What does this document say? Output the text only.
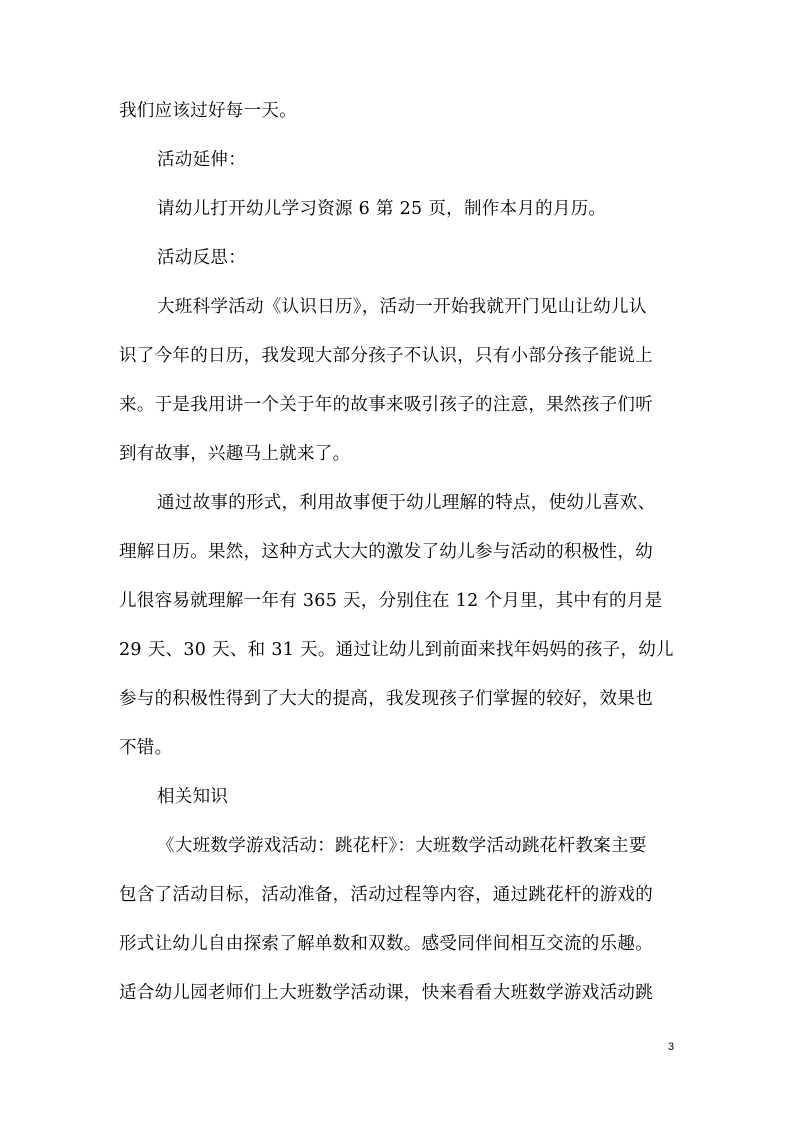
我们应该过好每一天。
活动延伸：
请幼儿打开幼儿学习资源 6 第 25 页，制作本月的月历。
活动反思：
大班科学活动《认识日历》，活动一开始我就开门见山让幼儿认
识了今年的日历，我发现大部分孩子不认识，只有小部分孩子能说上
来。于是我用讲一个关于年的故事来吸引孩子的注意，果然孩子们听
到有故事，兴趣马上就来了。
通过故事的形式，利用故事便于幼儿理解的特点，使幼儿喜欢、
理解日历。果然，这种方式大大的激发了幼儿参与活动的积极性，幼
儿很容易就理解一年有 365 天，分别住在 12 个月里，其中有的月是
29 天、30 天、和 31 天。通过让幼儿到前面来找年妈妈的孩子，幼儿
参与的积极性得到了大大的提高，我发现孩子们掌握的较好，效果也
不错。
相关知识
《大班数学游戏活动：跳花杆》：大班数学活动跳花杆教案主要
包含了活动目标，活动准备，活动过程等内容，通过跳花杆的游戏的
形式让幼儿自由探索了解单数和双数。感受同伴间相互交流的乐趣。
适合幼儿园老师们上大班数学活动课，快来看看大班数学游戏活动跳
3
